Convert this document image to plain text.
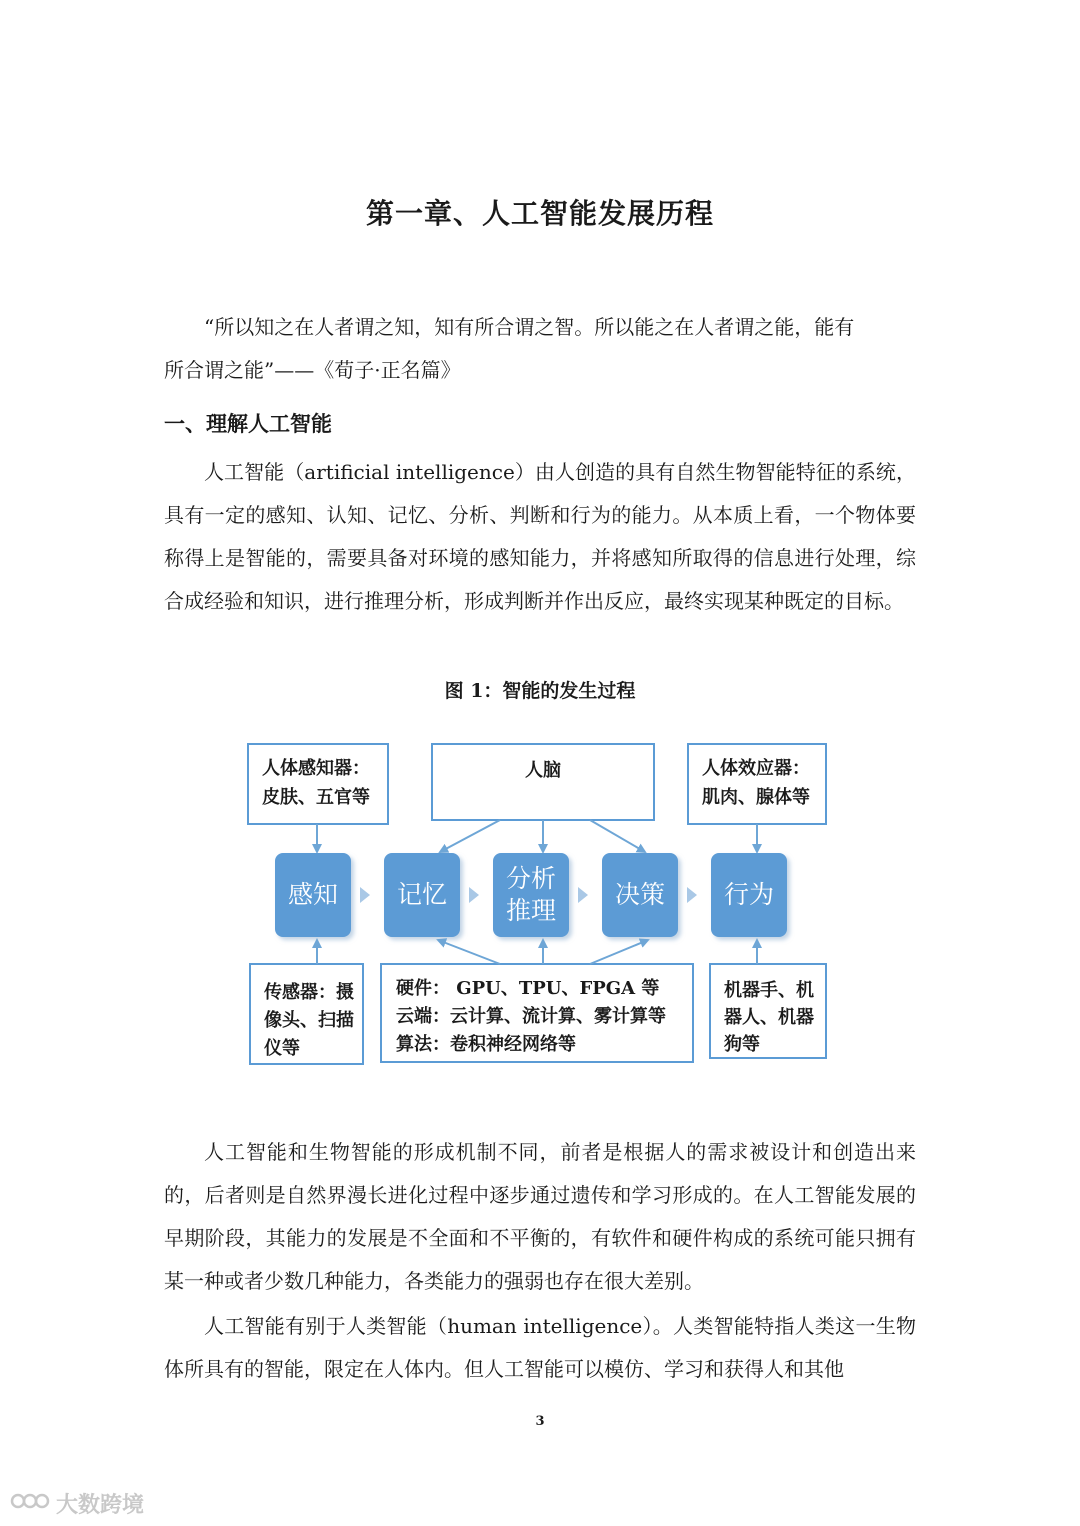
第一章、人工智能发展历程

“所以知之在人者谓之知，知有所合谓之智。所以能之在人者谓之能，能有

所合谓之能”——《荀子·正名篇》

一、理解人工智能

人工智能（artificial intelligence）由人创造的具有自然生物智能特征的系统，具有一定的感知、认知、记忆、分析、判断和行为的能力。从本质上看，一个物体要称得上是智能的，需要具备对环境的感知能力，并将感知所取得的信息进行处理，综合成经验和知识，进行推理分析，形成判断并作出反应，最终实现某种既定的目标。

图 1：智能的发生过程
人体感知器：
皮肤、五官等
人脑	人体效应器：
肌肉、腺体等
感知 记忆
分析
推理
决策 行为
传感器：摄
像头、扫描
仪等
硬件： GPU、TPU、FPGA 等
云端：云计算、流计算、雾计算等
算法：卷积神经网络等
机器手、机
器人、机器
狗等

人工智能和生物智能的形成机制不同，前者是根据人的需求被设计和创造出来的，后者则是自然界漫长进化过程中逐步通过遗传和学习形成的。在人工智能发展的早期阶段，其能力的发展是不全面和不平衡的，有软件和硬件构成的系统可能只拥有某一种或者少数几种能力，各类能力的强弱也存在很大差别。

人工智能有别于人类智能（human intelligence）。人类智能特指人类这一生物体所具有的智能，限定在人体内。但人工智能可以模仿、学习和获得人和其他

3
大数跨境
